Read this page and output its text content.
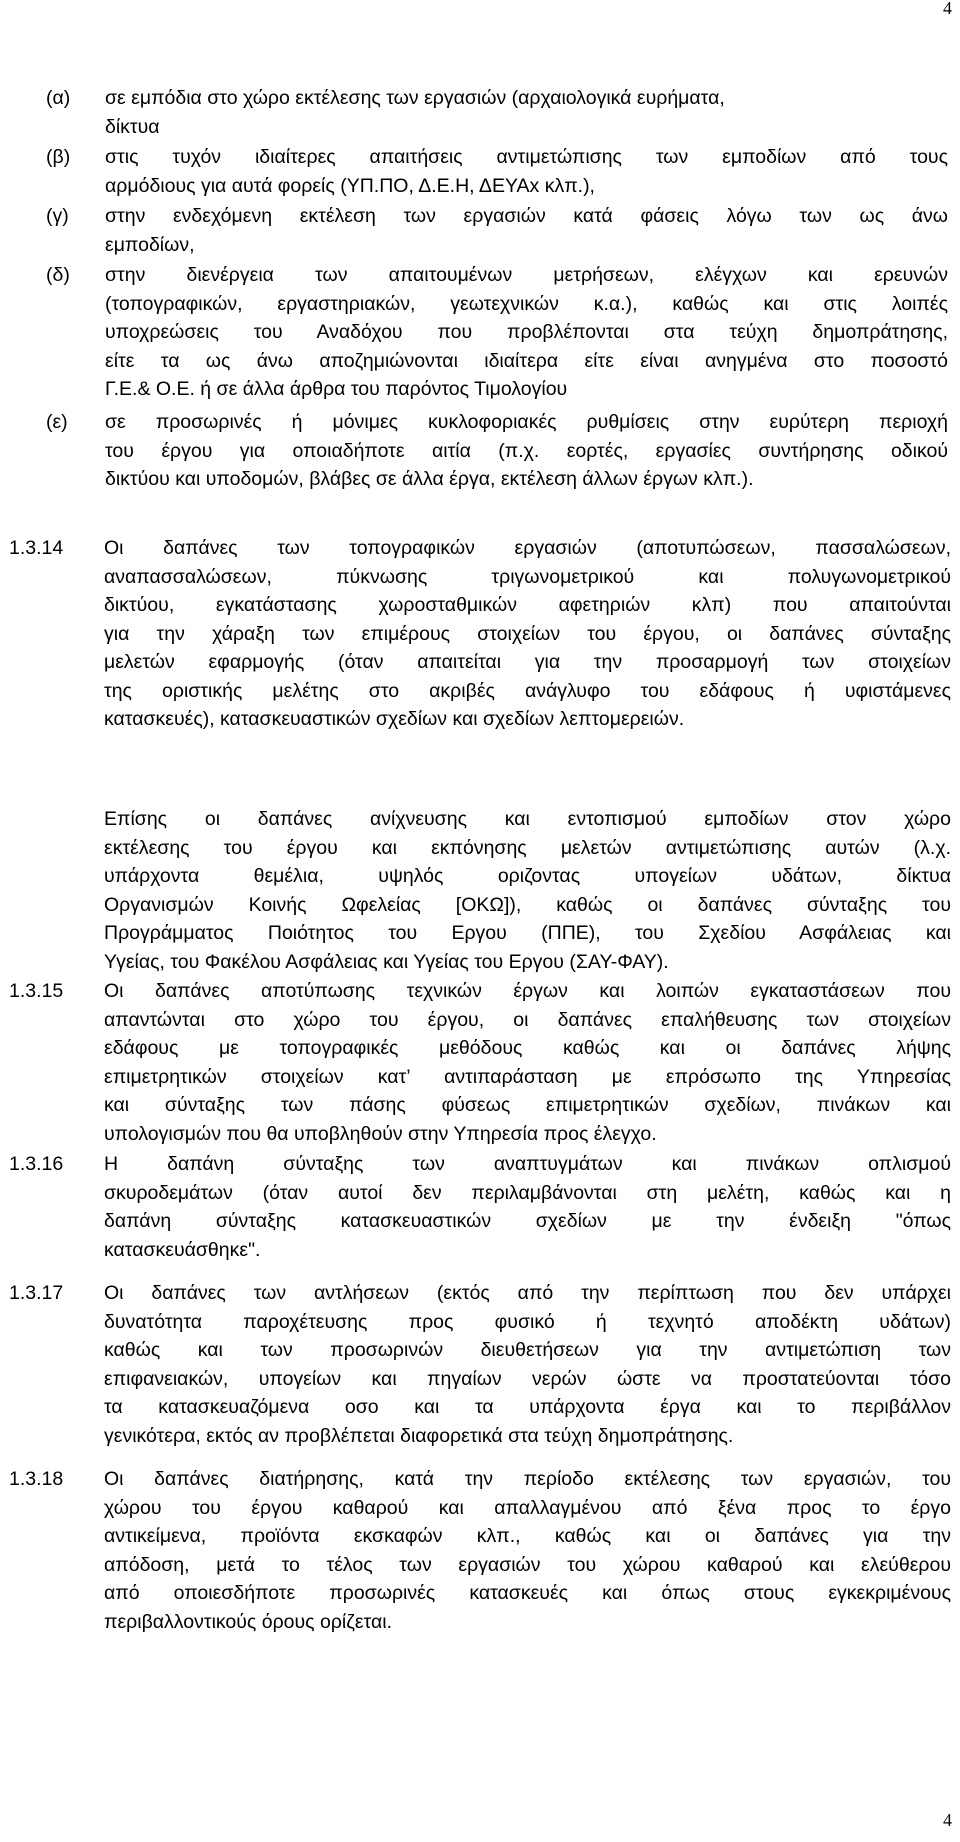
4
(α) σε εμπόδια στο χώρο εκτέλεσης των εργασιών (αρχαιολογικά ευρήματα,
δίκτυα
(β) στις τυχόν ιδιαίτερες απαιτήσεις αντιμετώπισης των εμποδίων από τους
αρμόδιους για αυτά φορείς (ΥΠ.ΠΟ, Δ.Ε.Η, ΔΕΥΑx κλπ.),
(γ) στην ενδεχόμενη εκτέλεση των εργασιών κατά φάσεις λόγω των ως άνω
εμποδίων,
(δ) στην διενέργεια των απαιτουμένων μετρήσεων, ελέγχων και ερευνών
(τοπογραφικών, εργαστηριακών, γεωτεχνικών κ.α.), καθώς και στις λοιπές
υποχρεώσεις του Αναδόχου που προβλέπονται στα τεύχη δημοπράτησης,
είτε τα ως άνω αποζημιώνονται ιδιαίτερα είτε είναι ανηγμένα στο ποσοστό
Γ.Ε.& Ο.Ε. ή σε άλλα άρθρα του παρόντος Τιμολογίου
(ε) σε προσωρινές ή μόνιμες κυκλοφοριακές ρυθμίσεις στην ευρύτερη περιοχή
του έργου για οποιαδήποτε αιτία (π.χ. εορτές, εργασίες συντήρησης οδικού
δικτύου και υποδομών, βλάβες σε άλλα έργα, εκτέλεση άλλων έργων κλπ.).
1.3.14 Οι δαπάνες των τοπογραφικών εργασιών (αποτυπώσεων, πασσαλώσεων,
αναπασσαλώσεων, πύκνωσης τριγωνομετρικού και πολυγωνομετρικού
δικτύου, εγκατάστασης χωροσταθμικών αφετηριών κλπ) που απαιτούνται
για την χάραξη των επιμέρους στοιχείων του έργου, οι δαπάνες σύνταξης
μελετών εφαρμογής (όταν απαιτείται για την προσαρμογή των στοιχείων
της οριστικής μελέτης στο ακριβές ανάγλυφο του εδάφους ή υφιστάμενες
κατασκευές), κατασκευαστικών σχεδίων και σχεδίων λεπτομερειών.
Επίσης οι δαπάνες ανίχνευσης και εντοπισμού εμποδίων στον χώρο
εκτέλεσης του έργου και εκπόνησης μελετών αντιμετώπισης αυτών (λ.χ.
υπάρχοντα θεμέλια, υψηλός οριζοντας υπογείων υδάτων, δίκτυα
Οργανισμών Κοινής Ωφελείας [ΟΚΩ]), καθώς οι δαπάνες σύνταξης του
Προγράμματος Ποιότητος του Εργου (ΠΠΕ), του Σχεδίου Ασφάλειας και
Υγείας, του Φακέλου Ασφάλειας και Υγείας του Εργου (ΣΑΥ-ΦΑΥ).
1.3.15 Οι δαπάνες αποτύπωσης τεχνικών έργων και λοιπών εγκαταστάσεων που
απαντώνται στο χώρο του έργου, οι δαπάνες επαλήθευσης των στοιχείων
εδάφους με τοπογραφικές μεθόδους καθώς και οι δαπάνες λήψης
επιμετρητικών στοιχείων κατ’ αντιπαράσταση με επρόσωπο της Υπηρεσίας
και σύνταξης των πάσης φύσεως επιμετρητικών σχεδίων, πινάκων και
υπολογισμών που θα υποβληθούν στην Υπηρεσία προς έλεγχο.
1.3.16 Η δαπάνη σύνταξης των αναπτυγμάτων και πινάκων οπλισμού
σκυροδεμάτων (όταν αυτοί δεν περιλαμβάνονται στη μελέτη, καθώς και η
δαπάνη σύνταξης κατασκευαστικών σχεδίων με την ένδειξη "όπως
κατασκευάσθηκε".
1.3.17 Οι δαπάνες των αντλήσεων (εκτός από την περίπτωση που δεν υπάρχει
δυνατότητα παροχέτευσης προς φυσικό ή τεχνητό αποδέκτη υδάτων)
καθώς και των προσωρινών διευθετήσεων για την αντιμετώπιση των
επιφανειακών, υπογείων και πηγαίων νερών ώστε να προστατεύονται τόσο
τα κατασκευαζόμενα οσο και τα υπάρχοντα έργα και το περιβάλλον
γενικότερα, εκτός αν προβλέπεται διαφορετικά στα τεύχη δημοπράτησης.
1.3.18 Οι δαπάνες διατήρησης, κατά την περίοδο εκτέλεσης των εργασιών, του
χώρου του έργου καθαρού και απαλλαγμένου από ξένα προς το έργο
αντικείμενα, προϊόντα εκσκαφών κλπ., καθώς και οι δαπάνες για την
απόδοση, μετά το τέλος των εργασιών του χώρου καθαρού και ελεύθερου
από οποιεσδήποτε προσωρινές κατασκευές και όπως στους εγκεκριμένους
περιβαλλοντικούς όρους ορίζεται.
4
